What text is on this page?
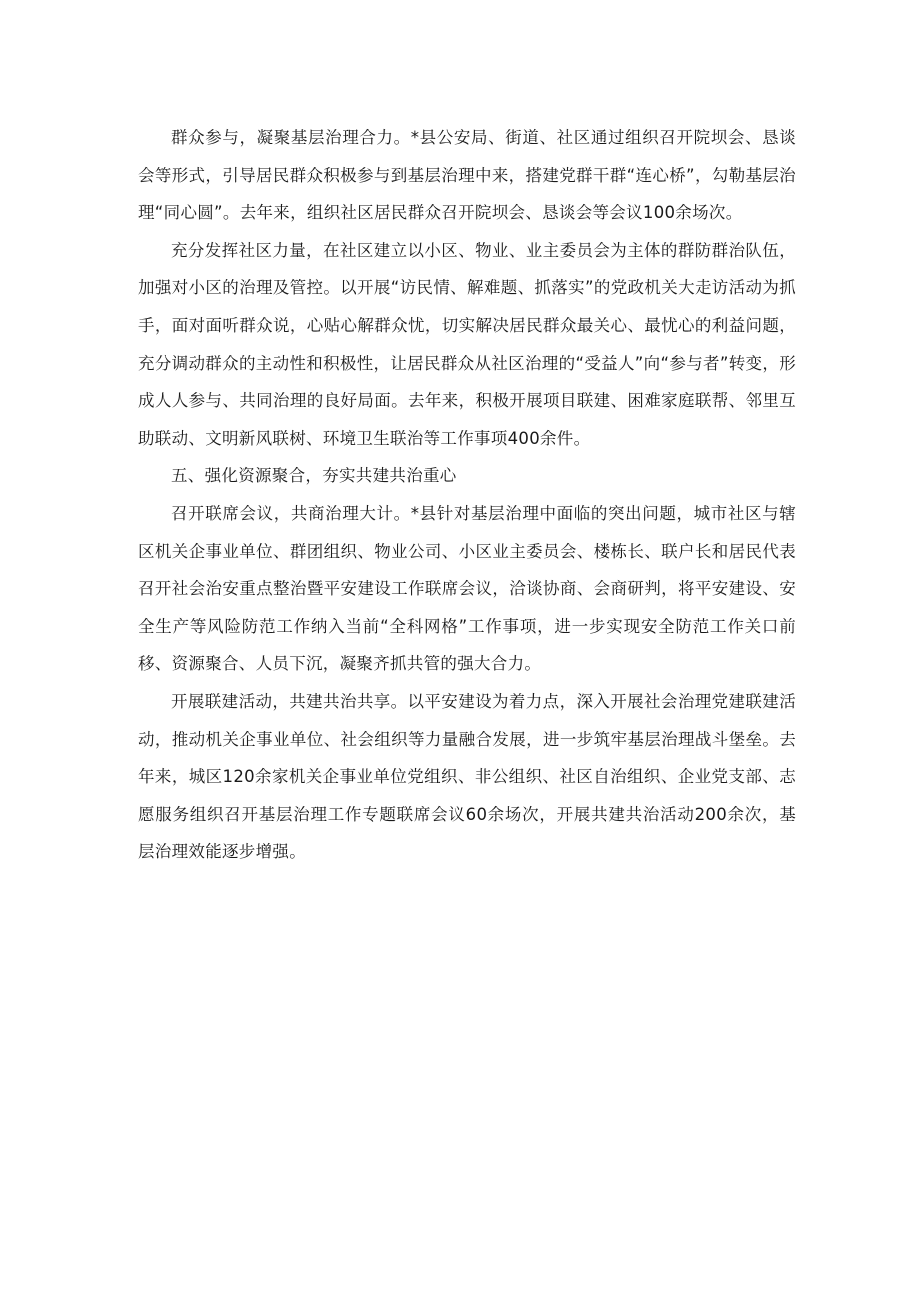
群众参与，凝聚基层治理合力。*县公安局、街道、社区通过组织召开院坝会、恳谈会等形式，引导居民群众积极参与到基层治理中来，搭建党群干群“连心桥”，勾勒基层治理“同心圆”。去年来，组织社区居民群众召开院坝会、恳谈会等会议100余场次。

充分发挥社区力量，在社区建立以小区、物业、业主委员会为主体的群防群治队伍，加强对小区的治理及管控。以开展“访民情、解难题、抓落实”的党政机关大走访活动为抓手，面对面听群众说，心贴心解群众忧，切实解决居民群众最关心、最忧心的利益问题，充分调动群众的主动性和积极性，让居民群众从社区治理的“受益人”向“参与者”转变，形成人人参与、共同治理的良好局面。去年来，积极开展项目联建、困难家庭联帮、邻里互助联动、文明新风联树、环境卫生联治等工作事项400余件。

五、强化资源聚合，夯实共建共治重心

召开联席会议，共商治理大计。*县针对基层治理中面临的突出问题，城市社区与辖区机关企事业单位、群团组织、物业公司、小区业主委员会、楼栋长、联户长和居民代表召开社会治安重点整治暨平安建设工作联席会议，洽谈协商、会商研判，将平安建设、安全生产等风险防范工作纳入当前“全科网格”工作事项，进一步实现安全防范工作关口前移、资源聚合、人员下沉，凝聚齐抓共管的强大合力。

开展联建活动，共建共治共享。以平安建设为着力点，深入开展社会治理党建联建活动，推动机关企事业单位、社会组织等力量融合发展，进一步筑牢基层治理战斗堡垒。去年来，城区120余家机关企事业单位党组织、非公组织、社区自治组织、企业党支部、志愿服务组织召开基层治理工作专题联席会议60余场次，开展共建共治活动200余次，基层治理效能逐步增强。
